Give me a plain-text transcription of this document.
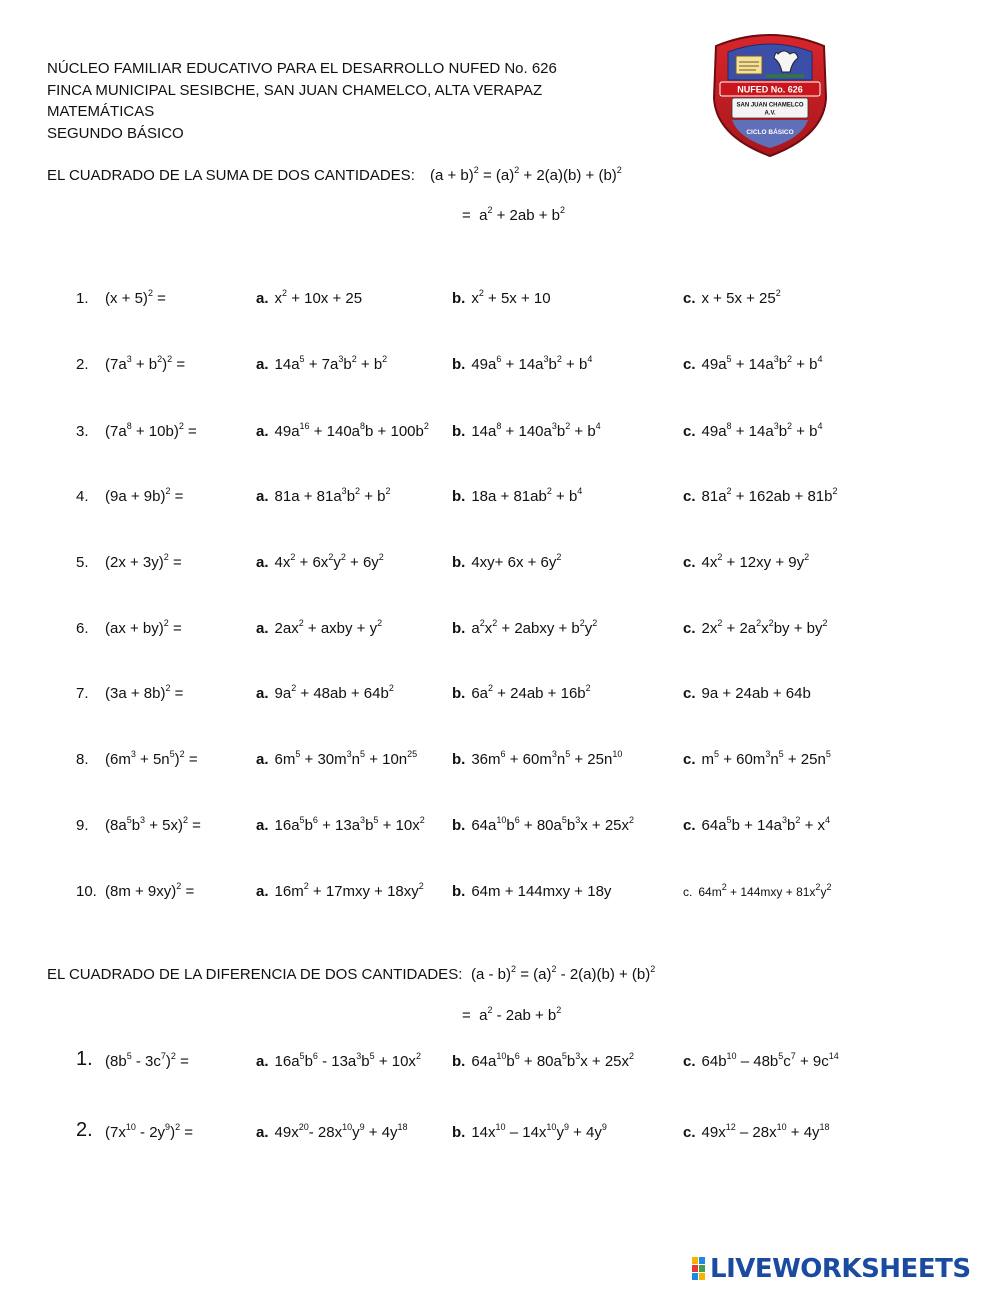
NÚCLEO FAMILIAR EDUCATIVO PARA EL DESARROLLO NUFED No. 626
FINCA MUNICIPAL SESIBCHE, SAN JUAN CHAMELCO, ALTA VERAPAZ
MATEMÁTICAS
SEGUNDO BÁSICO
NUFED No. 626
SAN JUAN CHAMELCO
A.V.
CICLO BÁSICO
EL CUADRADO DE LA SUMA DE DOS CANTIDADES: $(a + b)^2 = (a)^2 + 2(a)(b) + (b)^2$
=  $a^2 + 2ab + b^2$
1. $(x + 5)^2$ =	a. $x^2 + 10x + 25$	b. $x^2 + 5x + 10$	c. $x + 5x + 25^2$
2. $(7a^3 + b^2)^2$ =	a. $14a^5 + 7a^3b^2 + b^2$	b. $49a^6 + 14a^3b^2 + b^4$	c. $49a^5 + 14a^3b^2 + b^4$
3. $(7a^8 + 10b)^2$ =	a. $49a^{16} + 140a^8b + 100b^2$ b. $14a^8 + 140a^3b^2 + b^4$	c. $49a^8 + 14a^3b^2 + b^4$
4. $(9a + 9b)^2$ =	a. $81a + 81a^3b^2 + b^2$	b. $18a + 81ab^2 + b^4$	c. $81a^2 + 162ab + 81b^2$
5. $(2x + 3y)^2$ =	a. $4x^2 + 6x^2y^2 + 6y^2$	b. $4xy+ 6x + 6y^2$	c. $4x^2 + 12xy + 9y^2$
6. (ax + by)$^2$ =	a. $2ax^2$ + axby + $y^2$	b. $a^2x^2$ + 2abxy + $b^2y^2$	c. $2x^2 + 2a^2x^2by + by^2$
7. $(3a + 8b)^2$ =	a. $9a^2 + 48ab + 64b^2$	b. $6a^2 + 24ab + 16b^2$	c. 9a + 24ab + 64b
8. $(6m^3 + 5n^5)^2$ =	a. $6m^5 + 30m^3n^5 + 10n^{25}$ b. $36m^6 + 60m^3n^5 + 25n^{10}$	c. $m^5 + 60m^3n^5 + 25n^5$
9. $(8a^5b^3 + 5x)^2$ =	a. $16a^5b^6 + 13a^3b^5 + 10x^2$ b. $64a^{10}b^6 + 80a^5b^3x + 25x^2$	c. $64a^5b + 14a^3b^2 + x^4$
10. $(8m + 9xy)^2$ =	a. $16m^2 + 17mxy + 18xy^2$ b. 64m + 144mxy + 18y	c. $64m^2 + 144mxy + 81x^2y^2$
EL CUADRADO DE LA DIFERENCIA DE DOS CANTIDADES: $(a - b)^2 = (a)^2 - 2(a)(b) + (b)^2$
=  $a^2 - 2ab + b^2$
1. $(8b^5 - 3c^7)^2$ =	a. $16a^5b^6 - 13a^3b^5 + 10x^2$ b. $64a^{10}b^6 + 80a^5b^3x + 25x^2$	c. $64b^{10} - 48b^5c^7 + 9c^{14}$
2. $(7x^{10} - 2y^9)^2$ =	a. $49x^{20}-$ $28x^{10}y^9 + 4y^{18}$	b. $14x^{10} - 14x^{10}y^9 + 4y^9$	c. $49x^{12} - 28x^{10} + 4y^{18}$
LIVEWORKSHEETS
